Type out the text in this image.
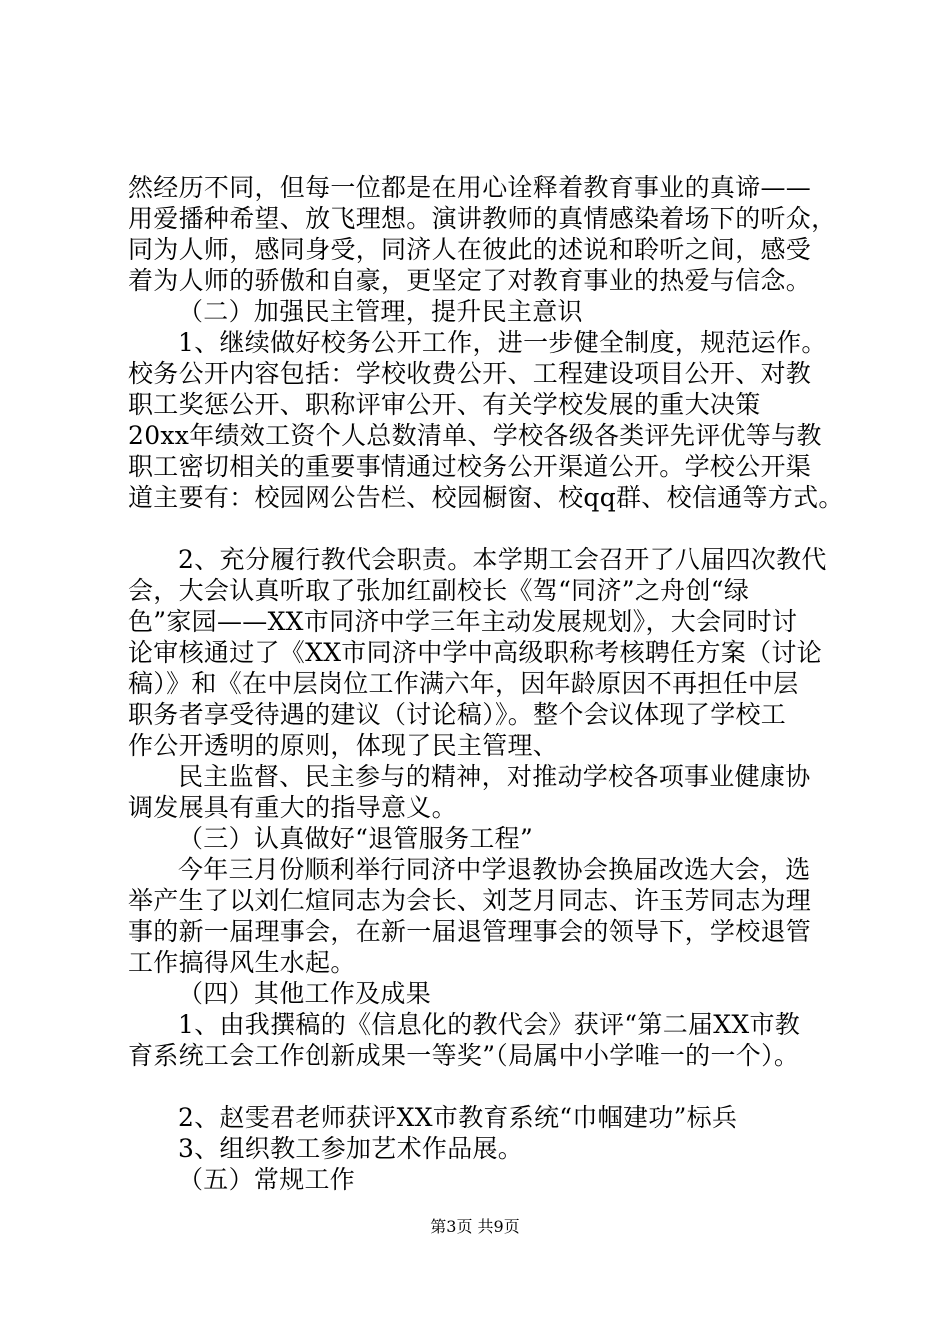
然经历不同，但每一位都是在用心诠释着教育事业的真谛——
用爱播种希望、放飞理想。演讲教师的真情感染着场下的听众，
同为人师，感同身受，同济人在彼此的述说和聆听之间，感受
着为人师的骄傲和自豪，更坚定了对教育事业的热爱与信念。
（二）加强民主管理，提升民主意识
1、继续做好校务公开工作，进一步健全制度，规范运作。
校务公开内容包括：学校收费公开、工程建设项目公开、对教
职工奖惩公开、职称评审公开、有关学校发展的重大决策
20xx年绩效工资个人总数清单、学校各级各类评先评优等与教
职工密切相关的重要事情通过校务公开渠道公开。学校公开渠
道主要有：校园网公告栏、校园橱窗、校qq群、校信通等方式。
2、充分履行教代会职责。本学期工会召开了八届四次教代
会，大会认真听取了张加红副校长《驾“同济”之舟创“绿
色”家园——XX市同济中学三年主动发展规划》，大会同时讨
论审核通过了《XX市同济中学中高级职称考核聘任方案（讨论
稿）》和《在中层岗位工作满六年，因年龄原因不再担任中层
职务者享受待遇的建议（讨论稿）》。整个会议体现了学校工
作公开透明的原则，体现了民主管理、
民主监督、民主参与的精神，对推动学校各项事业健康协
调发展具有重大的指导意义。
（三）认真做好“退管服务工程”
今年三月份顺利举行同济中学退教协会换届改选大会，选
举产生了以刘仁煊同志为会长、刘芝月同志、许玉芳同志为理
事的新一届理事会，在新一届退管理事会的领导下，学校退管
工作搞得风生水起。
（四）其他工作及成果
1、由我撰稿的《信息化的教代会》获评“第二届XX市教
育系统工会工作创新成果一等奖”（局属中小学唯一的一个）。
2、赵雯君老师获评XX市教育系统“巾帼建功”标兵
3、组织教工参加艺术作品展。
（五）常规工作
第3页 共9页
